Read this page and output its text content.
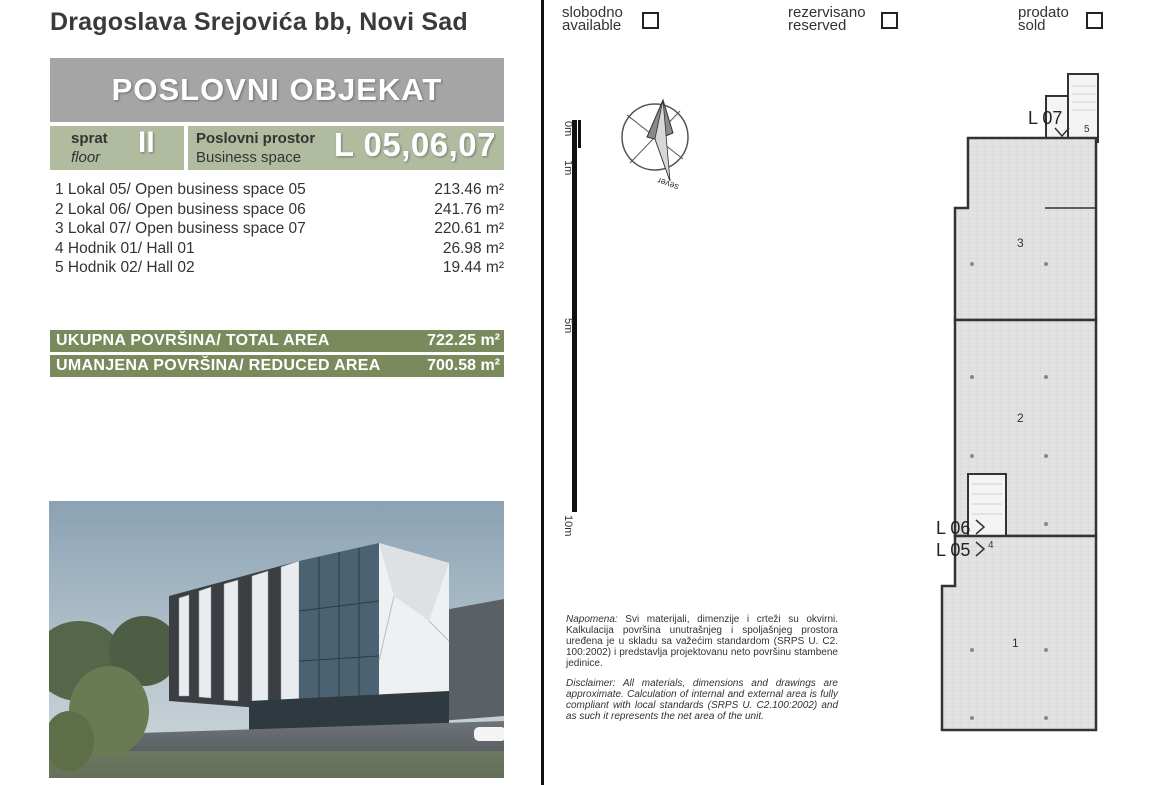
Dragoslava Srejovića bb, Novi Sad
POSLOVNI OBJEKAT
sprat
floor II	Poslovni prostor
Business space L 05,06,07
1 Lokal 05/ Open business space 05	213.46 m²
2 Lokal 06/ Open business space 06	241.76 m²
3 Lokal 07/ Open business space 07	220.61 m²
4 Hodnik 01/ Hall 01	26.98 m²
5 Hodnik 02/ Hall 02	19.44 m²
UKUPNA POVRŠINA/ TOTAL AREA	722.25 m²
UMANJENA POVRŠINA/ REDUCED AREA	700.58 m²
slobodno
available
rezervisano
reserved
prodato
sold
sever
0m
1m
5m
10m

Napomena: Svi materijali, dimenzije i crteži su okvirni. Kalkulacija površina unutrašnjeg i spoljašnjeg prostora uređena je u skladu sa važećim standardom (SRPS U. C2. 100:2002) i predstavlja projektovanu neto površinu stambene jedinice.

Disclaimer: All materials, dimensions and drawings are approximate. Calculation of internal and external area is fully compliant with local standards (SRPS U. C2.100:2002) and as such it represents the net area of the unit.

L 07
L 06
L 05
3
2
1
4
5
